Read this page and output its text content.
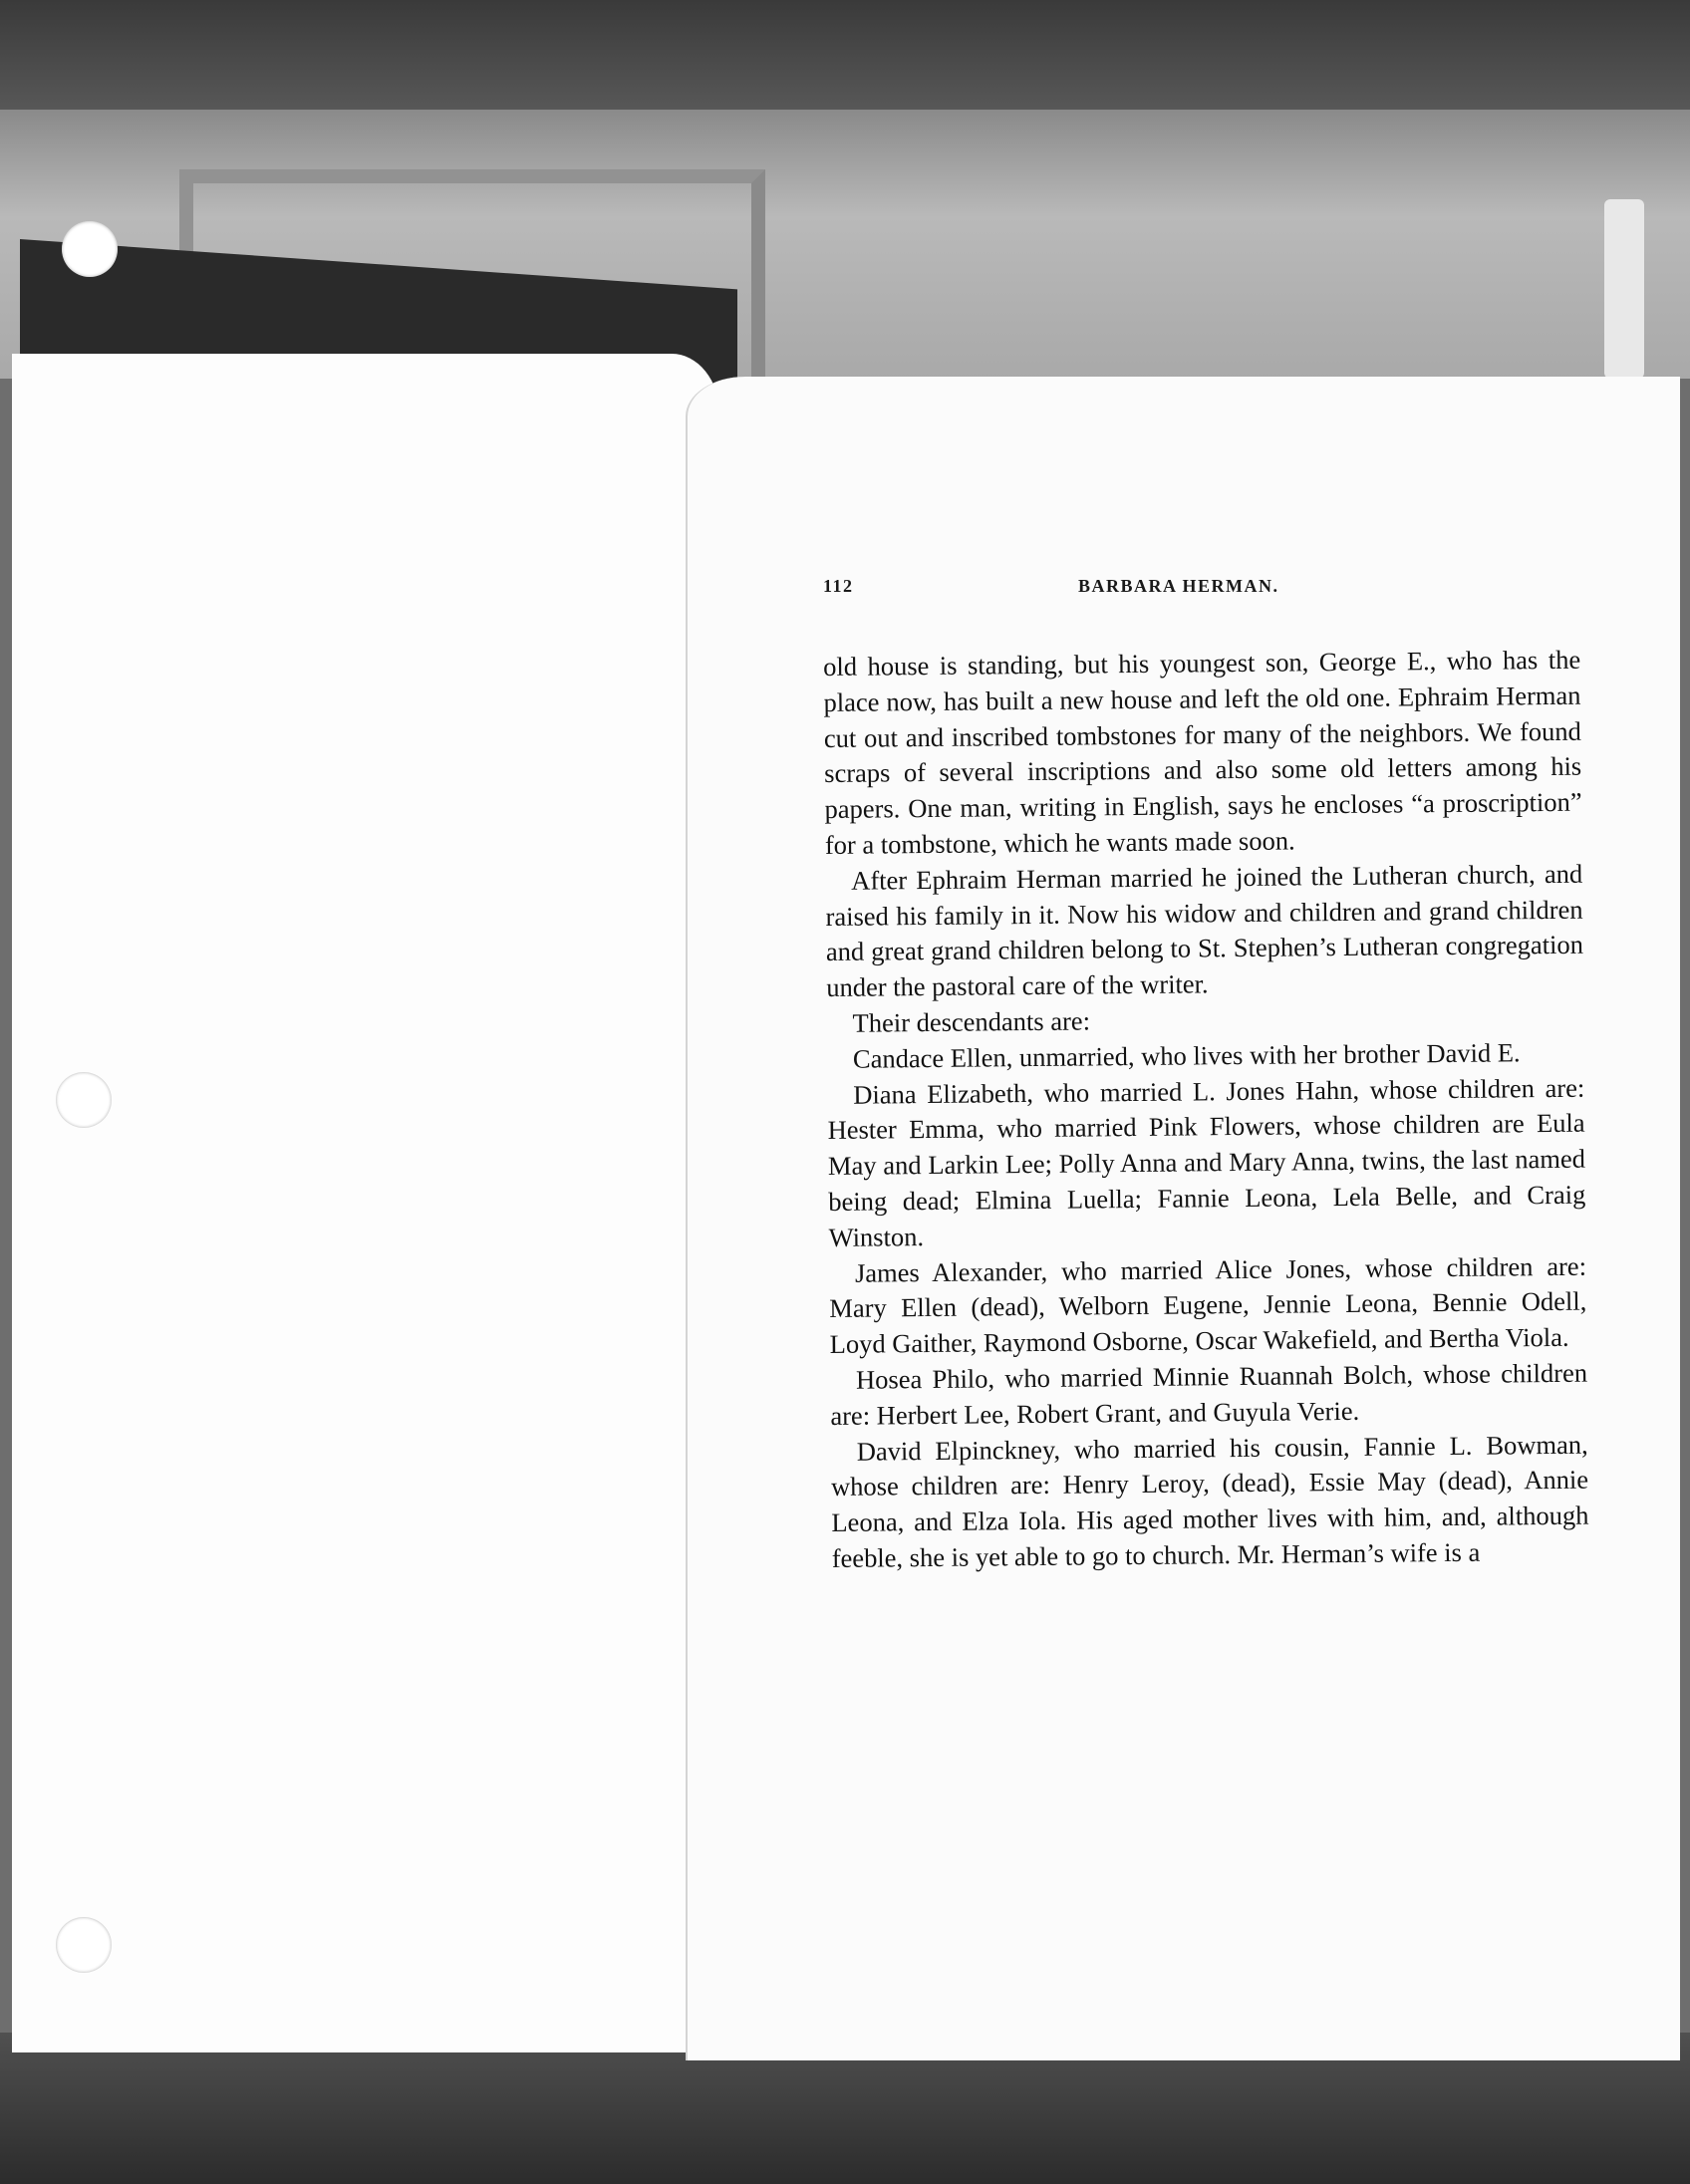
112	BARBARA HERMAN.

old house is standing, but his youngest son, George E., who has the place now, has built a new house and left the old one. Ephraim Herman cut out and inscribed tombstones for many of the neighbors. We found scraps of several inscriptions and also some old letters among his papers. One man, writing in English, says he encloses “a proscription” for a tombstone, which he wants made soon.

After Ephraim Herman married he joined the Lutheran church, and raised his family in it. Now his widow and children and grand children and great grand children belong to St. Stephen’s Lutheran congregation under the pastoral care of the writer.

Their descendants are:

Candace Ellen, unmarried, who lives with her brother David E.

Diana Elizabeth, who married L. Jones Hahn, whose children are: Hester Emma, who married Pink Flowers, whose children are Eula May and Larkin Lee; Polly Anna and Mary Anna, twins, the last named being dead; Elmina Luella; Fannie Leona, Lela Belle, and Craig Winston.

James Alexander, who married Alice Jones, whose children are: Mary Ellen (dead), Welborn Eugene, Jennie Leona, Bennie Odell, Loyd Gaither, Raymond Osborne, Oscar Wakefield, and Bertha Viola.

Hosea Philo, who married Minnie Ruannah Bolch, whose children are: Herbert Lee, Robert Grant, and Guyula Verie.

David Elpinckney, who married his cousin, Fannie L. Bowman, whose children are: Henry Leroy, (dead), Essie May (dead), Annie Leona, and Elza Iola. His aged mother lives with him, and, although feeble, she is yet able to go to church. Mr. Herman’s wife is a
